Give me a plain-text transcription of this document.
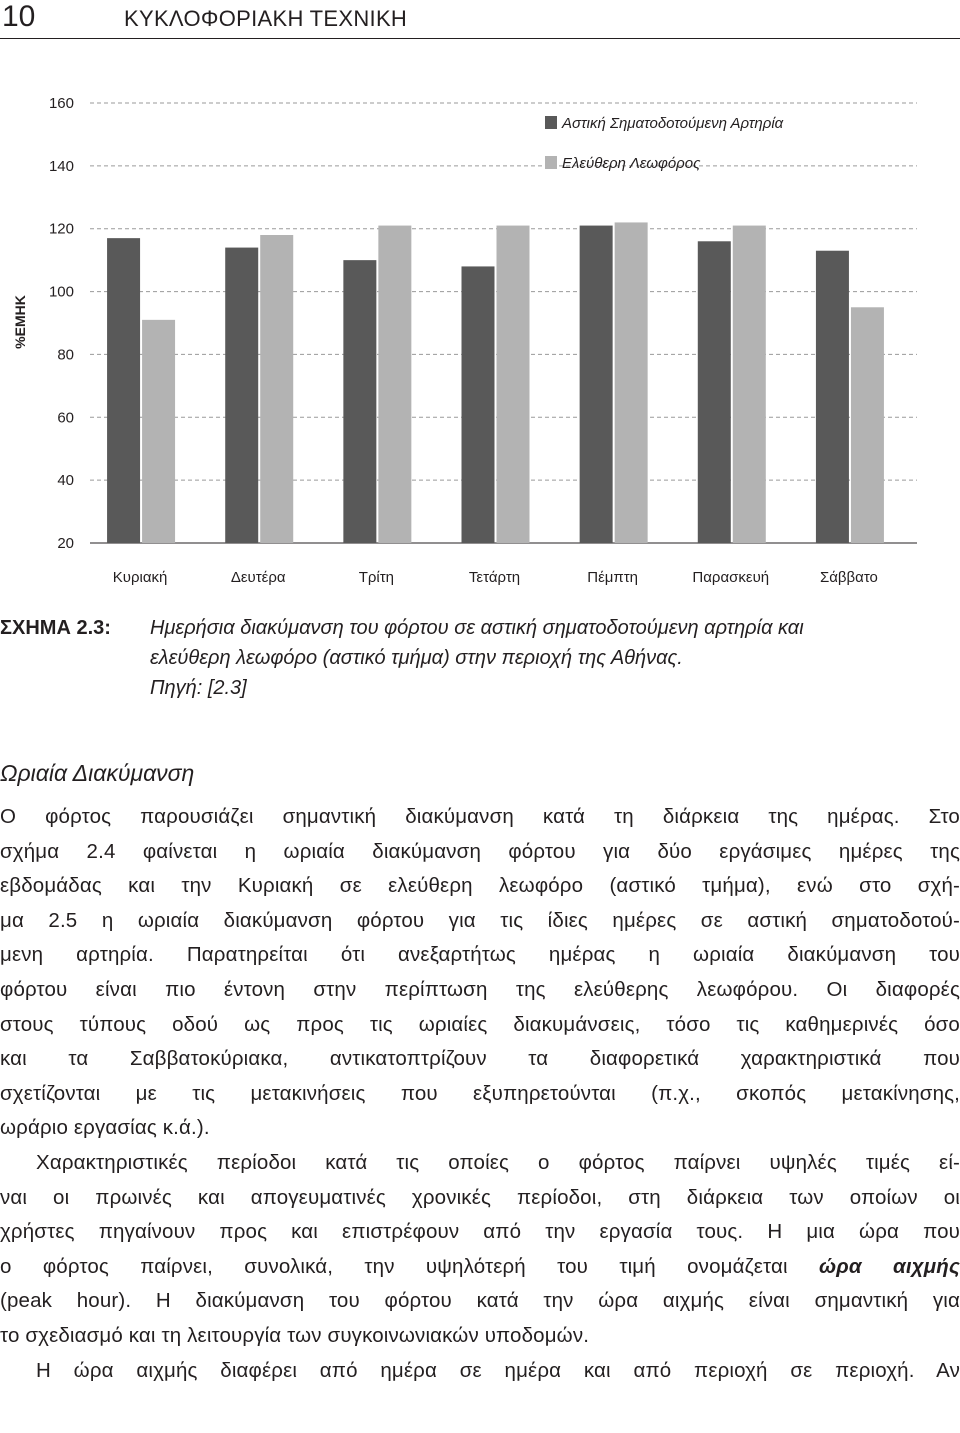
10	ΚΥΚΛΟΦΟΡΙΑΚΗ ΤΕΧΝΙΚΗ
20
40
60
80
100
120
140
160
Κυριακή	Δευτέρα	Τρίτη	Τετάρτη	Πέμπτη	Παρασκευή	Σάββατο
Αστική Σηματοδοτούμενη Αρτηρία
Ελεύθερη Λεωφόρος
%ΕΜΗΚ
ΣΧΗΜΑ 2.3: Ημερήσια διακύμανση του φόρτου σε αστική σηματοδοτούμενη αρτηρία και
ελεύθερη λεωφόρο (αστικό τμήμα) στην περιοχή της Αθήνας.
Πηγή: [2.3]
Ωριαία Διακύμανση
Ο φόρτος παρουσιάζει σημαντική διακύμανση κατά τη διάρκεια της ημέρας. Στο
σχήμα 2.4 φαίνεται η ωριαία διακύμανση φόρτου για δύο εργάσιμες ημέρες της
εβδομάδας και την Κυριακή σε ελεύθερη λεωφόρο (αστικό τμήμα), ενώ στο σχή-
μα 2.5 η ωριαία διακύμανση φόρτου για τις ίδιες ημέρες σε αστική σηματοδοτού-
μενη αρτηρία. Παρατηρείται ότι ανεξαρτήτως ημέρας η ωριαία διακύμανση του
φόρτου είναι πιο έντονη στην περίπτωση της ελεύθερης λεωφόρου. Οι διαφορές
στους τύπους οδού ως προς τις ωριαίες διακυμάνσεις, τόσο τις καθημερινές όσο
και τα Σαββατοκύριακα, αντικατοπτρίζουν τα διαφορετικά χαρακτηριστικά που
σχετίζονται με τις μετακινήσεις που εξυπηρετούνται (π.χ., σκοπός μετακίνησης,
ωράριο εργασίας κ.ά.).
Χαρακτηριστικές περίοδοι κατά τις οποίες ο φόρτος παίρνει υψηλές τιμές εί-
ναι οι πρωινές και απογευματινές χρονικές περίοδοι, στη διάρκεια των οποίων οι
χρήστες πηγαίνουν προς και επιστρέφουν από την εργασία τους. Η μια ώρα που
ο φόρτος παίρνει, συνολικά, την υψηλότερή του τιμή ονομάζεται ώρα αιχμής
(peak hour). Η διακύμανση του φόρτου κατά την ώρα αιχμής είναι σημαντική για
το σχεδιασμό και τη λειτουργία των συγκοινωνιακών υποδομών.
Η ώρα αιχμής διαφέρει από ημέρα σε ημέρα και από περιοχή σε περιοχή. Αν
